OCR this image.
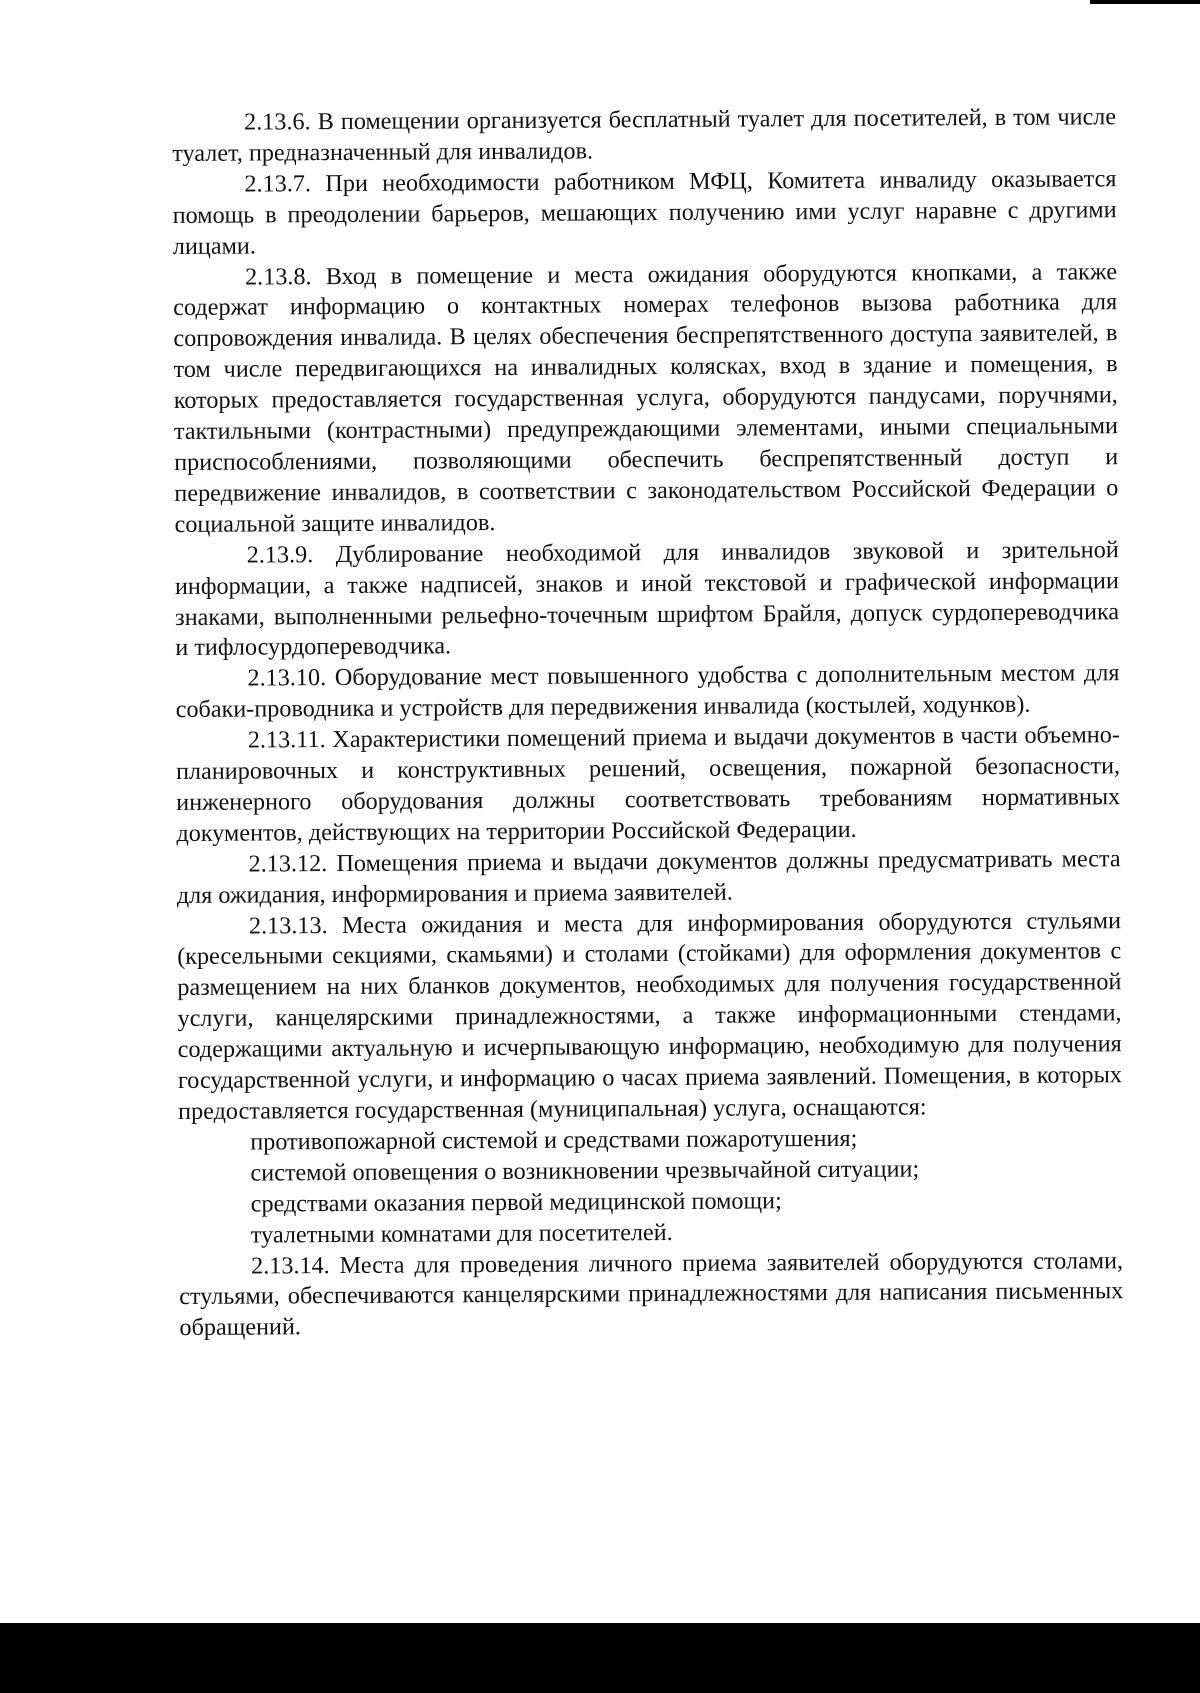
2.13.6. В помещении организуется бесплатный туалет для посетителей, в том числе туалет, предназначенный для инвалидов.

2.13.7. При необходимости работником МФЦ, Комитета инвалиду оказывается помощь в преодолении барьеров, мешающих получению ими услуг наравне с другими лицами.

2.13.8. Вход в помещение и места ожидания оборудуются кнопками, а также содержат информацию о контактных номерах телефонов вызова работника для сопровождения инвалида. В целях обеспечения беспрепятственного доступа заявителей, в том числе передвигающихся на инвалидных колясках, вход в здание и помещения, в которых предоставляется государственная услуга, оборудуются пандусами, поручнями, тактильными (контрастными) предупреждающими элементами, иными специальными приспособлениями, позволяющими обеспечить беспрепятственный доступ и передвижение инвалидов, в соответствии с законодательством Российской Федерации о социальной защите инвалидов.

2.13.9. Дублирование необходимой для инвалидов звуковой и зрительной информации, а также надписей, знаков и иной текстовой и графической информации знаками, выполненными рельефно-точечным шрифтом Брайля, допуск сурдопереводчика и тифлосурдопереводчика.

2.13.10. Оборудование мест повышенного удобства с дополнительным местом для собаки-проводника и устройств для передвижения инвалида (костылей, ходунков).

2.13.11. Характеристики помещений приема и выдачи документов в части объемно-планировочных и конструктивных решений, освещения, пожарной безопасности, инженерного оборудования должны соответствовать требованиям нормативных документов, действующих на территории Российской Федерации.

2.13.12. Помещения приема и выдачи документов должны предусматривать места для ожидания, информирования и приема заявителей.

2.13.13. Места ожидания и места для информирования оборудуются стульями (кресельными секциями, скамьями) и столами (стойками) для оформления документов с размещением на них бланков документов, необходимых для получения государственной услуги, канцелярскими принадлежностями, а также информационными стендами, содержащими актуальную и исчерпывающую информацию, необходимую для получения государственной услуги, и информацию о часах приема заявлений. Помещения, в которых предоставляется государственная (муниципальная) услуга, оснащаются:

противопожарной системой и средствами пожаротушения;

системой оповещения о возникновении чрезвычайной ситуации;

средствами оказания первой медицинской помощи;

туалетными комнатами для посетителей.

2.13.14. Места для проведения личного приема заявителей оборудуются столами, стульями, обеспечиваются канцелярскими принадлежностями для написания письменных обращений.
